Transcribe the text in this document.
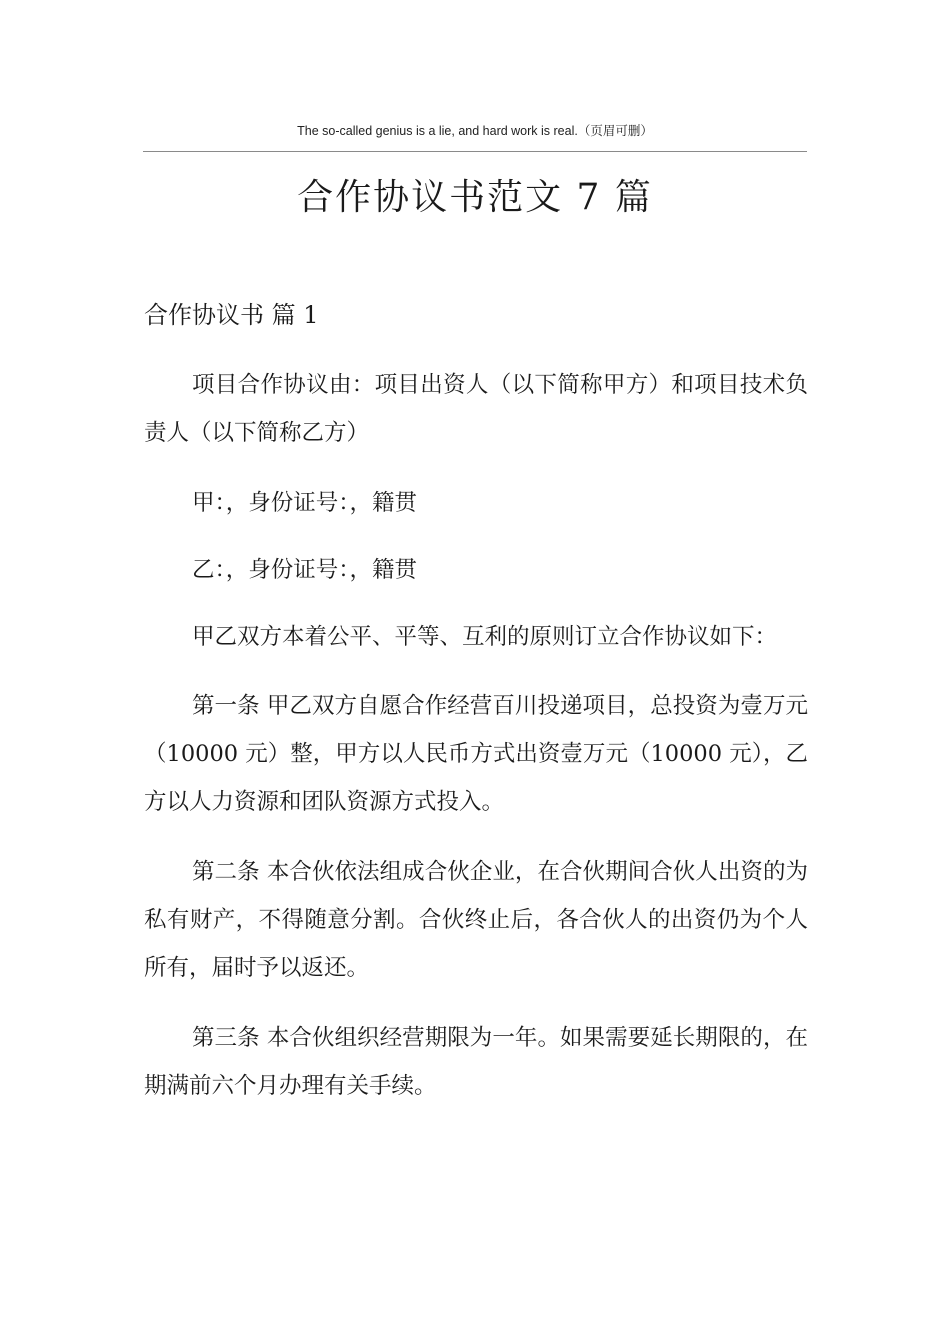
The so-called genius is a lie, and hard work is real.（页眉可删）
合作协议书范文 7 篇
合作协议书 篇 1

项目合作协议由：项目出资人（以下简称甲方）和项目技术负责人（以下简称乙方）

甲：，身份证号：，籍贯

乙：，身份证号：，籍贯

甲乙双方本着公平、平等、互利的原则订立合作协议如下：

第一条 甲乙双方自愿合作经营百川投递项目，总投资为壹万元（10000 元）整，甲方以人民币方式出资壹万元（10000 元），乙方以人力资源和团队资源方式投入。

第二条 本合伙依法组成合伙企业，在合伙期间合伙人出资的为私有财产，不得随意分割。合伙终止后，各合伙人的出资仍为个人所有，届时予以返还。

第三条 本合伙组织经营期限为一年。如果需要延长期限的，在期满前六个月办理有关手续。
